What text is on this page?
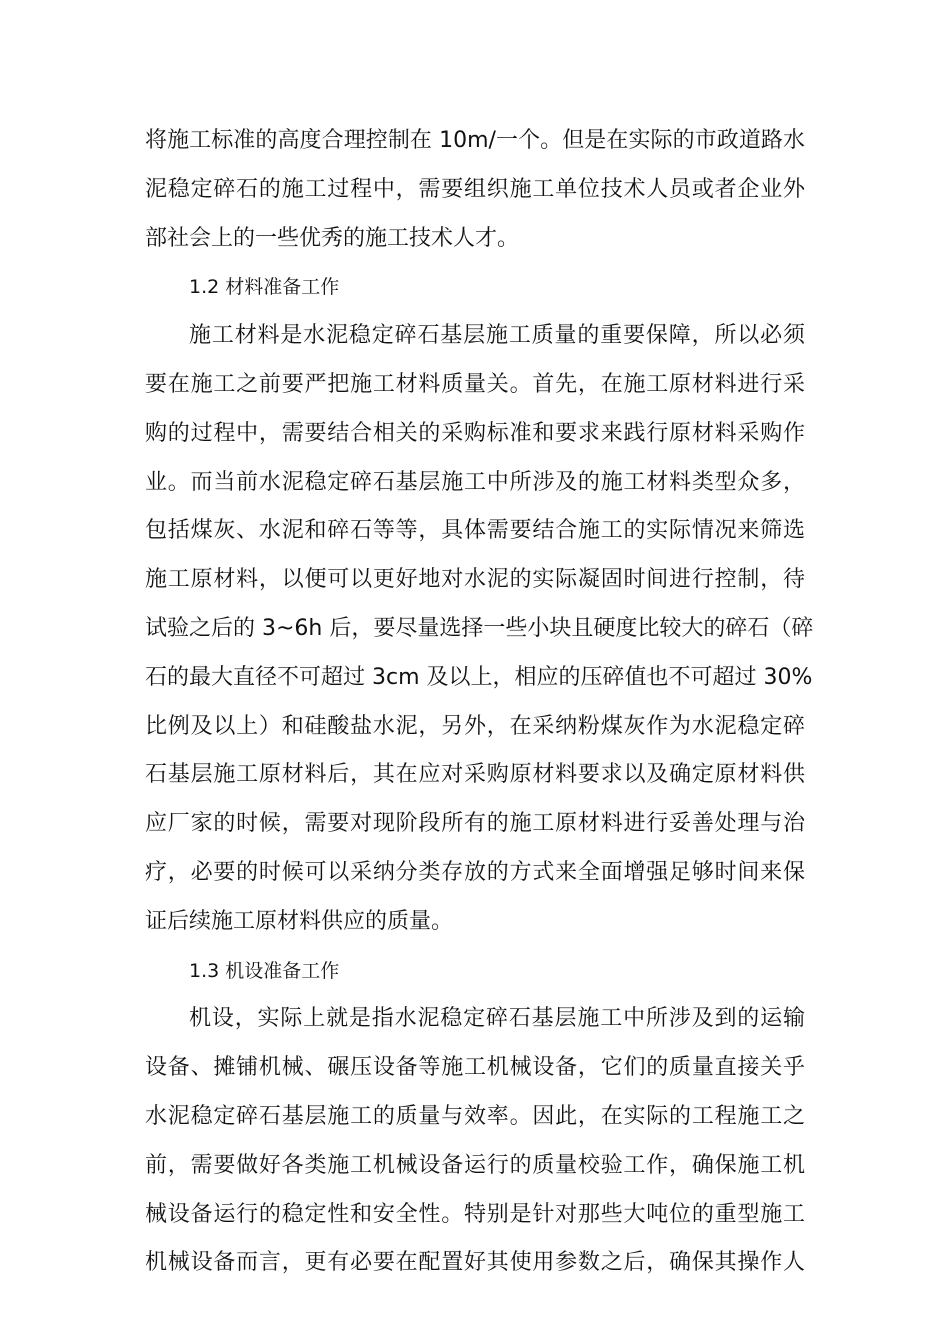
将施工标准的高度合理控制在 10m/一个。但是在实际的市政道路水
泥稳定碎石的施工过程中，需要组织施工单位技术人员或者企业外
部社会上的一些优秀的施工技术人才。
1.2 材料准备工作
施工材料是水泥稳定碎石基层施工质量的重要保障，所以必须
要在施工之前要严把施工材料质量关。首先，在施工原材料进行采
购的过程中，需要结合相关的采购标准和要求来践行原材料采购作
业。而当前水泥稳定碎石基层施工中所涉及的施工材料类型众多，
包括煤灰、水泥和碎石等等，具体需要结合施工的实际情况来筛选
施工原材料，以便可以更好地对水泥的实际凝固时间进行控制，待
试验之后的 3~6h 后，要尽量选择一些小块且硬度比较大的碎石（碎
石的最大直径不可超过 3cm 及以上，相应的压碎值也不可超过 30%
比例及以上）和硅酸盐水泥，另外，在采纳粉煤灰作为水泥稳定碎
石基层施工原材料后，其在应对采购原材料要求以及确定原材料供
应厂家的时候，需要对现阶段所有的施工原材料进行妥善处理与治
疗，必要的时候可以采纳分类存放的方式来全面增强足够时间来保
证后续施工原材料供应的质量。
1.3 机设准备工作
机设，实际上就是指水泥稳定碎石基层施工中所涉及到的运输
设备、摊铺机械、碾压设备等施工机械设备，它们的质量直接关乎
水泥稳定碎石基层施工的质量与效率。因此，在实际的工程施工之
前，需要做好各类施工机械设备运行的质量校验工作，确保施工机
械设备运行的稳定性和安全性。特别是针对那些大吨位的重型施工
机械设备而言，更有必要在配置好其使用参数之后，确保其操作人
